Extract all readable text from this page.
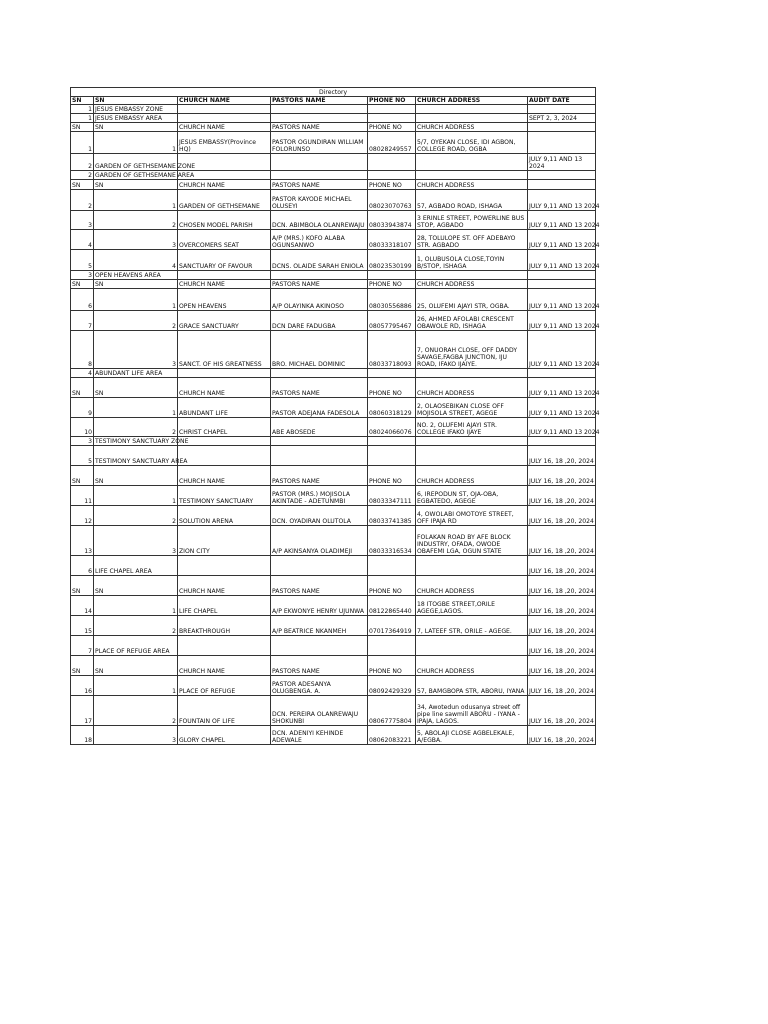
Directory						
SN	SN	CHURCH NAME	PASTORS NAME	PHONE NO	CHURCH ADDRESS	AUDIT DATE
1	JESUS EMBASSY ZONE					
1	JESUS EMBASSY AREA					SEPT 2, 3, 2024
SN	SN	CHURCH NAME	PASTORS NAME	PHONE NO	CHURCH ADDRESS	
1	1	JESUS EMBASSY(Province HQ)	PASTOR OGUNDIRAN WILLIAM FOLORUNSO	08028249557	5/7, OYEKAN CLOSE, IDI AGBON, COLLEGE ROAD, OGBA	
2	GARDEN OF GETHSEMANE ZONE					JULY 9,11 AND 13 2024
2	GARDEN OF GETHSEMANE AREA					
SN	SN	CHURCH NAME	PASTORS NAME	PHONE NO	CHURCH ADDRESS	
2	1	GARDEN OF GETHSEMANE	PASTOR KAYODE MICHAEL OLUSEYI	08023070763	57, AGBADO ROAD, ISHAGA	JULY 9,11 AND 13 2024
3	2	CHOSEN MODEL PARISH	DCN. ABIMBOLA OLANREWAJU	08033943874	3 ERINLE STREET, POWERLINE BUS STOP, AGBADO	JULY 9,11 AND 13 2024
4	3	OVERCOMERS SEAT	A/P (MRS.) KOFO ALABA OGUNSANWO	08033318107	28, TOLULOPE ST. OFF ADEBAYO STR. AGBADO	JULY 9,11 AND 13 2024
5	4	SANCTUARY OF FAVOUR	DCNS. OLAIDE SARAH ENIOLA	08023530199	1, OLUBUSOLA CLOSE,TOYIN B/STOP, ISHAGA	JULY 9,11 AND 13 2024
3	OPEN HEAVENS AREA					
SN	SN	CHURCH NAME	PASTORS NAME	PHONE NO	CHURCH ADDRESS	
6	1	OPEN HEAVENS	A/P OLAYINKA AKINOSO	08030556886	25, OLUFEMI AJAYI STR, OGBA.	JULY 9,11 AND 13 2024
7	2	GRACE SANCTUARY	DCN DARE FADUGBA	08057795467	26, AHMED AFOLABI CRESCENT OBAWOLE RD, ISHAGA	JULY 9,11 AND 13 2024
8	3	SANCT. OF HIS GREATNESS	BRO. MICHAEL DOMINIC	08033718093	7, ONUORAH CLOSE, OFF DADDY SAVAGE,FAGBA JUNCTION, IJU ROAD, IFAKO IJAIYE.	JULY 9,11 AND 13 2024
4	ABUNDANT LIFE AREA					
SN	SN	CHURCH NAME	PASTORS NAME	PHONE NO	CHURCH ADDRESS	JULY 9,11 AND 13 2024
9	1	ABUNDANT LIFE	PASTOR ADEJANA FADESOLA	08060318129	2, OLAOSEBIKAN CLOSE OFF MOJISOLA STREET, AGEGE	JULY 9,11 AND 13 2024
10	2	CHRIST CHAPEL	ABE ABOSEDE	08024066076	NO. 2, OLUFEMI AJAYI STR. COLLEGE IFAKO IJAYE	JULY 9,11 AND 13 2024
3	TESTIMONY SANCTUARY ZONE					
5	TESTIMONY SANCTUARY AREA					JULY 16, 18 ,20, 2024
SN	SN	CHURCH NAME	PASTORS NAME	PHONE NO	CHURCH ADDRESS	JULY 16, 18 ,20, 2024
11	1	TESTIMONY SANCTUARY	PASTOR (MRS.) MOJISOLA AKINTADE - ADETUNMBI	08033347111	6, IREPODUN ST, OJA-OBA, EGBATEDO, AGEGE	JULY 16, 18 ,20, 2024
12	2	SOLUTION ARENA	DCN. OYADIRAN OLUTOLA	08033741385	4, OWOLABI OMOTOYE STREET, OFF IPAJA RD	JULY 16, 18 ,20, 2024
13	3	ZION CITY	A/P AKINSANYA OLADIMEJI	08033316534	FOLAKAN ROAD BY AFE BLOCK INDUSTRY, OFADA, OWODE OBAFEMI LGA, OGUN STATE	JULY 16, 18 ,20, 2024
6	LIFE CHAPEL AREA					JULY 16, 18 ,20, 2024
SN	SN	CHURCH NAME	PASTORS NAME	PHONE NO	CHURCH ADDRESS	JULY 16, 18 ,20, 2024
14	1	LIFE CHAPEL	A/P EKWONYE HENRY UJUNWA	08122865440	18 ITOGBE STREET,ORILE AGEGE,LAGOS.	JULY 16, 18 ,20, 2024
15	2	BREAKTHROUGH	A/P BEATRICE NKANMEH	07017364919	7, LATEEF STR, ORILE - AGEGE.	JULY 16, 18 ,20, 2024
7	PLACE OF REFUGE AREA					JULY 16, 18 ,20, 2024
SN	SN	CHURCH NAME	PASTORS NAME	PHONE NO	CHURCH ADDRESS	JULY 16, 18 ,20, 2024
16	1	PLACE OF REFUGE	PASTOR ADESANYA OLUGBENGA. A.	08092429329	57, BAMGBOPA STR, ABORU, IYANA	JULY 16, 18 ,20, 2024
17	2	FOUNTAIN OF LIFE	DCN. PEREIRA OLANREWAJU SHOKUNBI	08067775804	34, Awotedun odusanya street off pipe line sawmill ABORU - IYANA - IPAJA, LAGOS.	JULY 16, 18 ,20, 2024
18	3	GLORY CHAPEL	DCN. ADENIYI KEHINDE ADEWALE	08062083221	5, ABOLAJI CLOSE AGBELEKALE, A/EGBA.	JULY 16, 18 ,20, 2024
